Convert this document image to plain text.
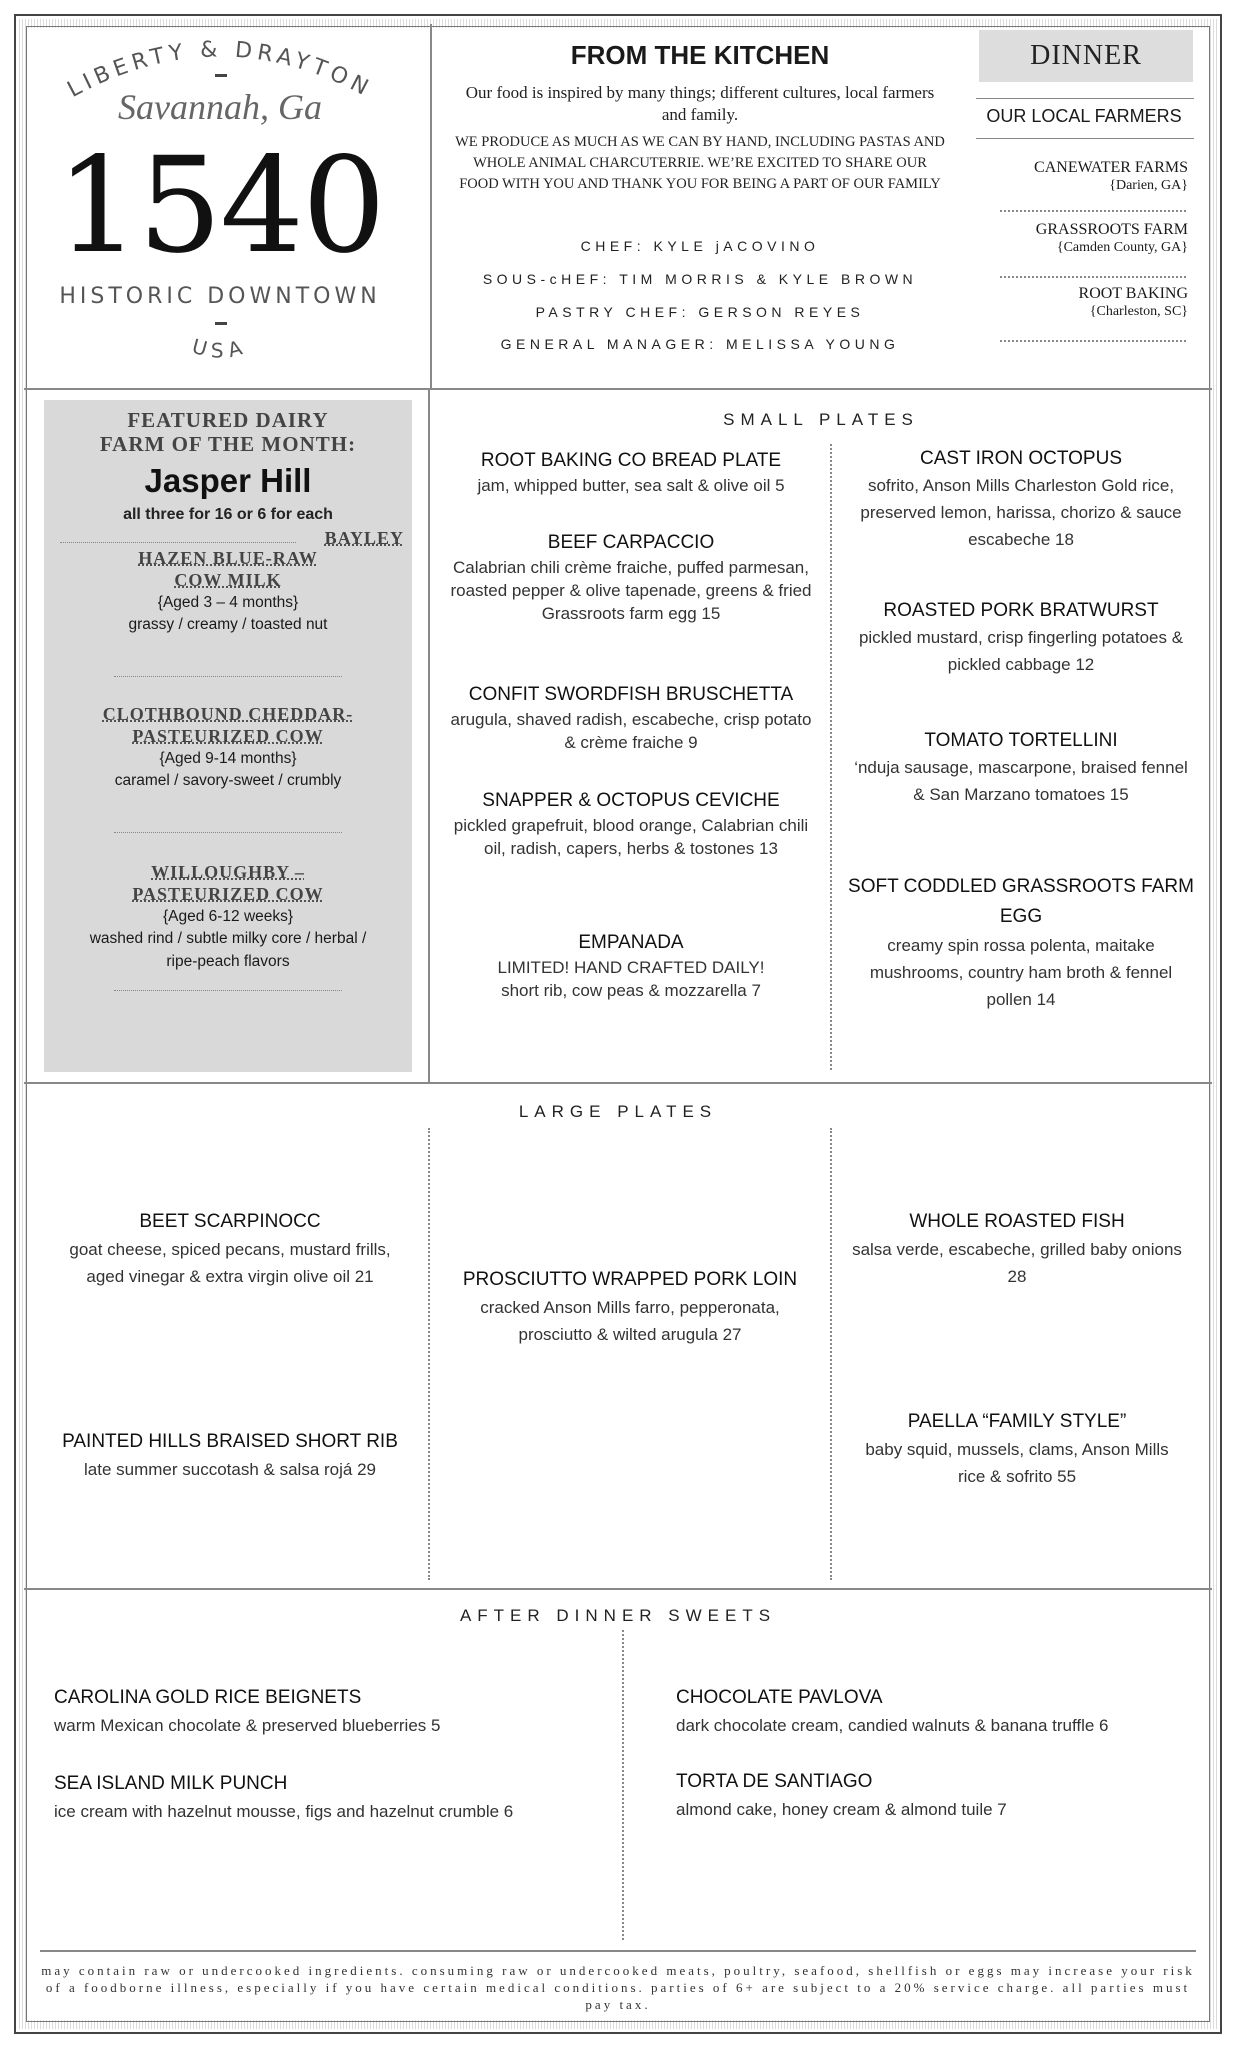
LIBERTY & DRAYTON
Savannah, Ga
1540
HISTORIC DOWNTOWN
USA
FROM THE KITCHEN
Our food is inspired by many things; different cultures, local farmers and family.
WE PRODUCE AS MUCH AS WE CAN BY HAND, INCLUDING PASTAS AND WHOLE ANIMAL CHARCUTERRIE. WE’RE EXCITED TO SHARE OUR FOOD WITH YOU AND THANK YOU FOR BEING A PART OF OUR FAMILY
CHEF: KYLE jACOVINO
SOUS-cHEF: TIM MORRIS & KYLE BROWN
PASTRY CHEF: GERSON REYES
GENERAL MANAGER: MELISSA YOUNG
DINNER
OUR LOCAL FARMERS
CANEWATER FARMS
{Darien, GA}
GRASSROOTS FARM
{Camden County, GA}
ROOT BAKING
{Charleston, SC}
FEATURED DAIRY
FARM OF THE MONTH:
Jasper Hill
all three for 16 or 6 for each
BAYLEY
HAZEN BLUE-RAW
COW MILK
{Aged 3 – 4 months}
grassy / creamy / toasted nut
CLOTHBOUND CHEDDAR-
PASTEURIZED COW
{Aged 9-14 months}
caramel / savory-sweet / crumbly
WILLOUGHBY –
PASTEURIZED COW
{Aged 6-12 weeks}
washed rind / subtle milky core / herbal /
ripe-peach flavors
SMALL PLATES
ROOT BAKING CO BREAD PLATE
jam, whipped butter, sea salt & olive oil 5
BEEF CARPACCIO
Calabrian chili crème fraiche, puffed parmesan, roasted pepper & olive tapenade, greens & fried Grassroots farm egg 15
CONFIT SWORDFISH BRUSCHETTA
arugula, shaved radish, escabeche, crisp potato & crème fraiche 9
SNAPPER & OCTOPUS CEVICHE
pickled grapefruit, blood orange, Calabrian chili oil, radish, capers, herbs & tostones 13
EMPANADA
LIMITED! HAND CRAFTED DAILY! short rib, cow peas & mozzarella 7
CAST IRON OCTOPUS
sofrito, Anson Mills Charleston Gold rice, preserved lemon, harissa, chorizo & sauce escabeche 18
ROASTED PORK BRATWURST
pickled mustard, crisp fingerling potatoes & pickled cabbage 12
TOMATO TORTELLINI
‘nduja sausage, mascarpone, braised fennel & San Marzano tomatoes 15
SOFT CODDLED GRASSROOTS FARM EGG
creamy spin rossa polenta, maitake mushrooms, country ham broth & fennel pollen 14
LARGE PLATES
BEET SCARPINOCC
goat cheese, spiced pecans, mustard frills, aged vinegar & extra virgin olive oil 21
PAINTED HILLS BRAISED SHORT RIB
late summer succotash & salsa rojá 29
PROSCIUTTO WRAPPED PORK LOIN
cracked Anson Mills farro, pepperonata, prosciutto & wilted arugula 27
WHOLE ROASTED FISH
salsa verde, escabeche, grilled baby onions 28
PAELLA “FAMILY STYLE”
baby squid, mussels, clams, Anson Mills rice & sofrito 55
AFTER DINNER SWEETS
CAROLINA GOLD RICE BEIGNETS
warm Mexican chocolate & preserved blueberries 5
SEA ISLAND MILK PUNCH
ice cream with hazelnut mousse, figs and hazelnut crumble 6
CHOCOLATE PAVLOVA
dark chocolate cream, candied walnuts & banana truffle 6
TORTA DE SANTIAGO
almond cake, honey cream & almond tuile 7
may contain raw or undercooked ingredients. consuming raw or undercooked meats, poultry, seafood, shellfish or eggs may increase your risk of a foodborne illness, especially if you have certain medical conditions. parties of 6+ are subject to a 20% service charge. all parties must pay tax.
